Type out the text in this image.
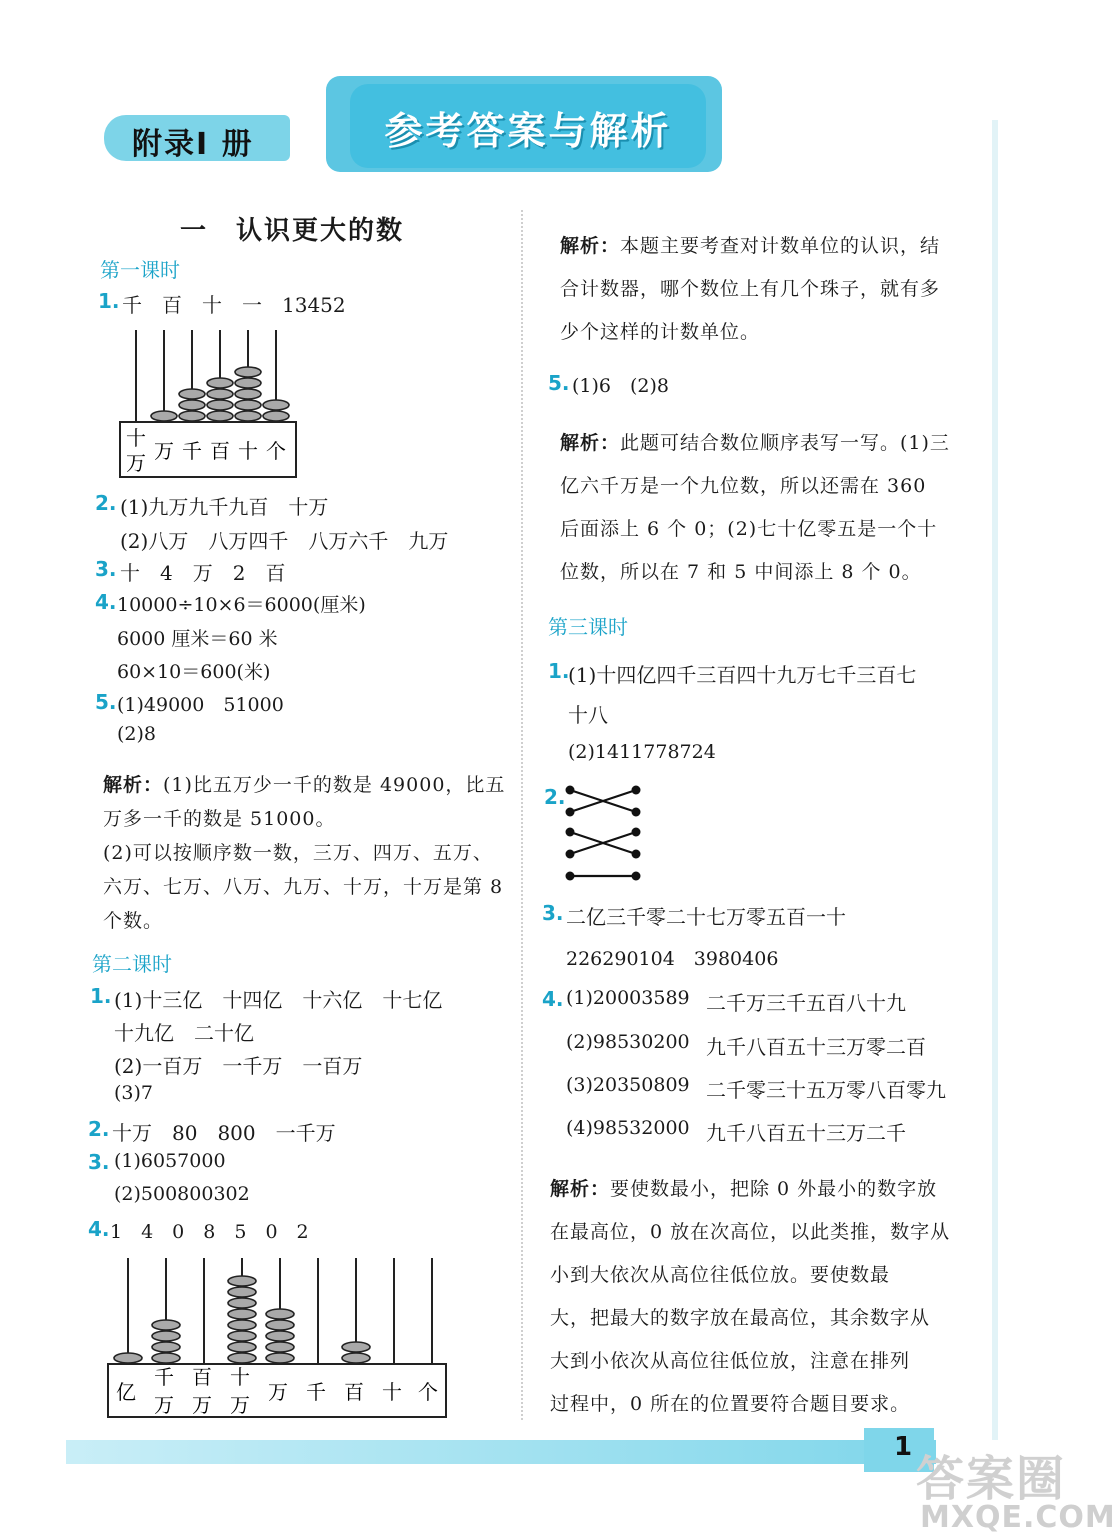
附录Ⅰ 册	参考答案与解析
一　认识更大的数
第一课时
1. 千　百　十　一　13452
十
万 万 千 百 十 个
2. (1)九万九千九百　十万
(2)八万　八万四千　八万六千　九万
3. 十　4　万　2　百
4. 10000÷10×6＝6000(厘米)
6000 厘米＝60 米
60×10＝600(米)
5. (1)49000　51000
(2)8
解析：(1)比五万少一千的数是 49000，比五
万多一千的数是 51000。
(2)可以按顺序数一数，三万、四万、五万、
六万、七万、八万、九万、十万，十万是第 8
个数。
第二课时
1. (1)十三亿　十四亿　十六亿　十七亿
十九亿　二十亿
(2)一百万　一千万　一百万
(3)7
2. 十万　80　800　一千万
3. (1)6057000
(2)500800302
4. 1　4　0　8　5　0　2
亿
千
万
百
万
十
万
万 千 百 十 个
解析：本题主要考查对计数单位的认识，结
合计数器，哪个数位上有几个珠子，就有多
少个这样的计数单位。
5. (1)6　(2)8
解析：此题可结合数位顺序表写一写。(1)三
亿六千万是一个九位数，所以还需在 360
后面添上 6 个 0；(2)七十亿零五是一个十
位数，所以在 7 和 5 中间添上 8 个 0。
第三课时
1.
(1)十四亿四千三百四十九万七千三百七
十八
(2)1411778724
2.
3. 二亿三千零二十七万零五百一十
226290104　3980406
4. (1)20003589 二千万三千五百八十九
(2)98530200 九千八百五十三万零二百
(3)20350809 二千零三十五万零八百零九
(4)98532000 九千八百五十三万二千
解析：要使数最小，把除 0 外最小的数字放
在最高位，0 放在次高位，以此类推，数字从
小到大依次从高位往低位放。要使数最
大，把最大的数字放在最高位，其余数字从
大到小依次从高位往低位放，注意在排列
过程中，0 所在的位置要符合题目要求。
1
答案圈
MXQE.COM
